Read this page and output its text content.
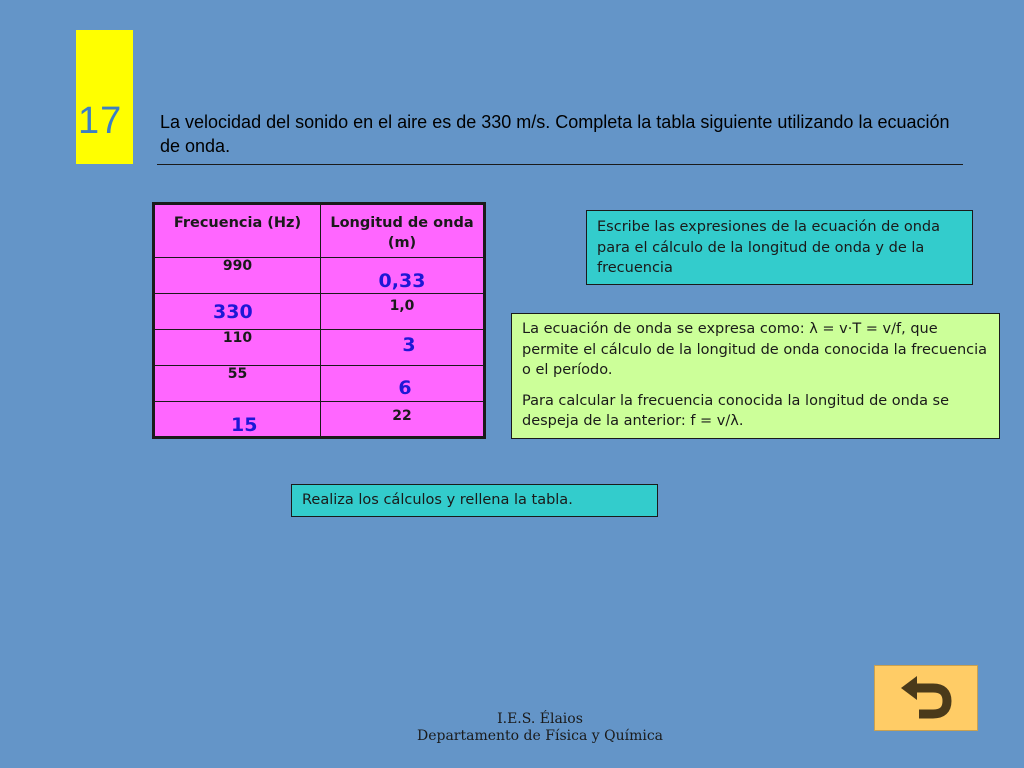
17 La velocidad del sonido en el aire es de 330 m/s. Completa la tabla siguiente utilizando la ecuación de onda.
Frecuencia (Hz)	Longitud de onda (m)
990	0,33
330	1,0
110	3
55	6
15	22
Escribe las expresiones de la ecuación de onda para el cálculo de la longitud de onda y de la frecuencia

La ecuación de onda se expresa como: λ = v·T = v/f, que permite el cálculo de la longitud de onda conocida la frecuencia o el período.

Para calcular la frecuencia conocida la longitud de onda se despeja de la anterior: f = v/λ.

Realiza los cálculos y rellena la tabla.
I.E.S. Élaios
Departamento de Física y Química
